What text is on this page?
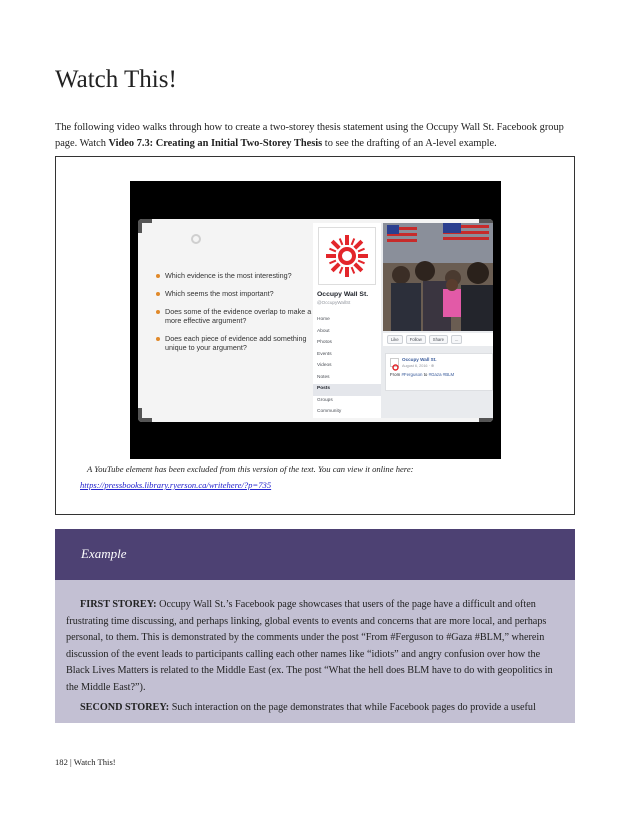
Watch This!

The following video walks through how to create a two-storey thesis statement using the Occupy Wall St. Facebook group page. Watch Video 7.3: Creating an Initial Two-Storey Thesis to see the drafting of an A-level example.

Which evidence is the most interesting?
Which seems the most important?
Does some of the evidence overlap to make a more effective argument?
Does each piece of evidence add something unique to your argument?
Occupy Wall St.
@OccupyWallSt
Home
About
Photos
Events
Videos
Notes
Posts
Groups
Community
Like	Follow	Share	...
Occupy Wall St.
August 6, 2016 · ⊕
From #Ferguson to #Gaza #BLM
A YouTube element has been excluded from this version of the text. You can view it online here:
https://pressbooks.library.ryerson.ca/writehere/?p=735
Example

FIRST STOREY: Occupy Wall St.’s Facebook page showcases that users of the page have a difficult and often frustrating time discussing, and perhaps linking, global events to events and concerns that are more local, and perhaps personal, to them. This is demonstrated by the comments under the post “From #Ferguson to #Gaza #BLM,” wherein discussion of the event leads to participants calling each other names like “idiots” and angry confusion over how the Black Lives Matters is related to the Middle East (ex. The post “What the hell does BLM have to do with geopolitics in the Middle East?”).

SECOND STOREY: Such interaction on the page demonstrates that while Facebook pages do provide a useful

182 | Watch This!
